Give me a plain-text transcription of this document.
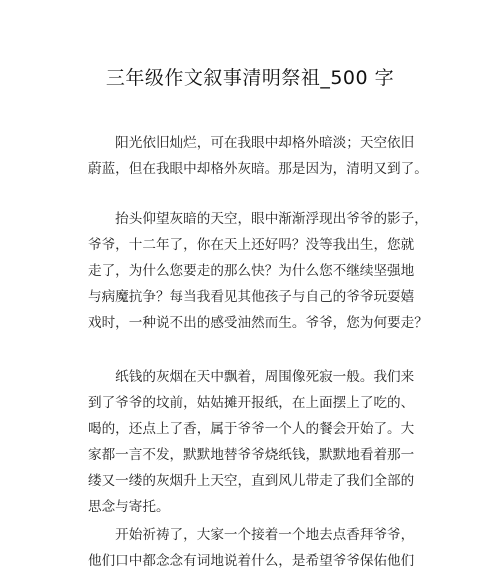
三年级作文叙事清明祭祖_500 字
　　阳光依旧灿烂，可在我眼中却格外暗淡；天空依旧
蔚蓝，但在我眼中却格外灰暗。那是因为，清明又到了。
　　抬头仰望灰暗的天空，眼中渐渐浮现出爷爷的影子，
爷爷，十二年了，你在天上还好吗？没等我出生，您就
走了，为什么您要走的那么快？为什么您不继续坚强地
与病魔抗争？每当我看见其他孩子与自己的爷爷玩耍嬉
戏时，一种说不出的感受油然而生。爷爷，您为何要走？
　　纸钱的灰烟在天中飘着，周围像死寂一般。我们来
到了爷爷的坟前，姑姑摊开报纸，在上面摆上了吃的、
喝的，还点上了香，属于爷爷一个人的餐会开始了。大
家都一言不发，默默地替爷爷烧纸钱，默默地看着那一
缕又一缕的灰烟升上天空，直到风儿带走了我们全部的
思念与寄托。
　　开始祈祷了，大家一个接着一个地去点香拜爷爷，
他们口中都念念有词地说着什么，是希望爷爷保佑他们
